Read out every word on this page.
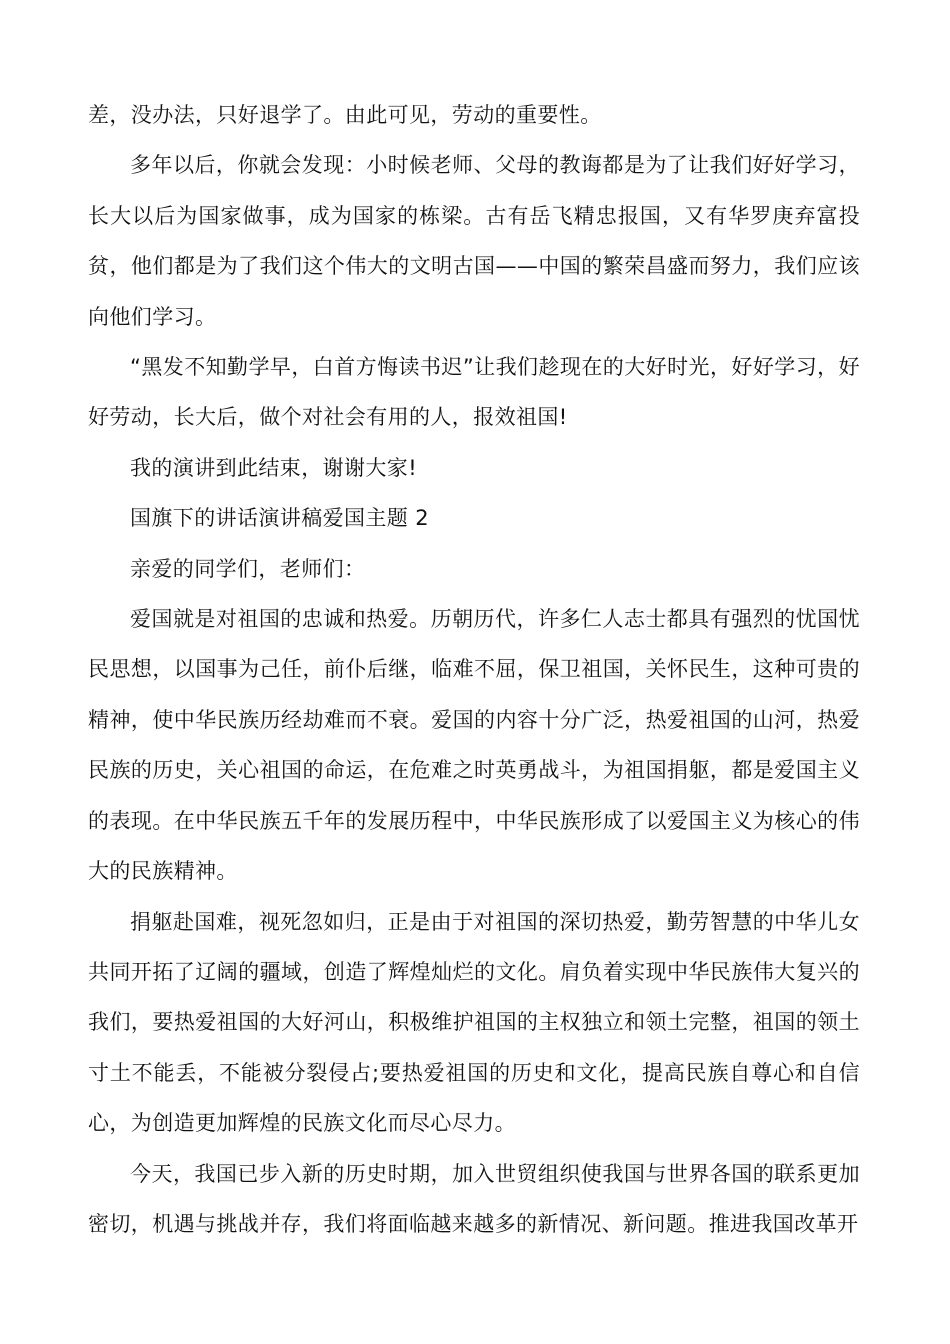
差，没办法，只好退学了。由此可见，劳动的重要性。

多年以后，你就会发现：小时候老师、父母的教诲都是为了让我们好好学习，长大以后为国家做事，成为国家的栋梁。古有岳飞精忠报国，又有华罗庚弃富投贫，他们都是为了我们这个伟大的文明古国——中国的繁荣昌盛而努力，我们应该向他们学习。

“黑发不知勤学早，白首方悔读书迟”让我们趁现在的大好时光，好好学习，好好劳动，长大后，做个对社会有用的人，报效祖国!

我的演讲到此结束，谢谢大家!

国旗下的讲话演讲稿爱国主题 2

亲爱的同学们，老师们：

爱国就是对祖国的忠诚和热爱。历朝历代，许多仁人志士都具有强烈的忧国忧民思想，以国事为己任，前仆后继，临难不屈，保卫祖国，关怀民生，这种可贵的精神，使中华民族历经劫难而不衰。爱国的内容十分广泛，热爱祖国的山河，热爱民族的历史，关心祖国的命运，在危难之时英勇战斗，为祖国捐躯，都是爱国主义的表现。在中华民族五千年的发展历程中，中华民族形成了以爱国主义为核心的伟大的民族精神。

捐躯赴国难，视死忽如归，正是由于对祖国的深切热爱，勤劳智慧的中华儿女共同开拓了辽阔的疆域，创造了辉煌灿烂的文化。肩负着实现中华民族伟大复兴的我们，要热爱祖国的大好河山，积极维护祖国的主权独立和领土完整，祖国的领土寸土不能丢，不能被分裂侵占;要热爱祖国的历史和文化，提高民族自尊心和自信心，为创造更加辉煌的民族文化而尽心尽力。

今天，我国已步入新的历史时期，加入世贸组织使我国与世界各国的联系更加密切，机遇与挑战并存，我们将面临越来越多的新情况、新问题。推进我国改革开
